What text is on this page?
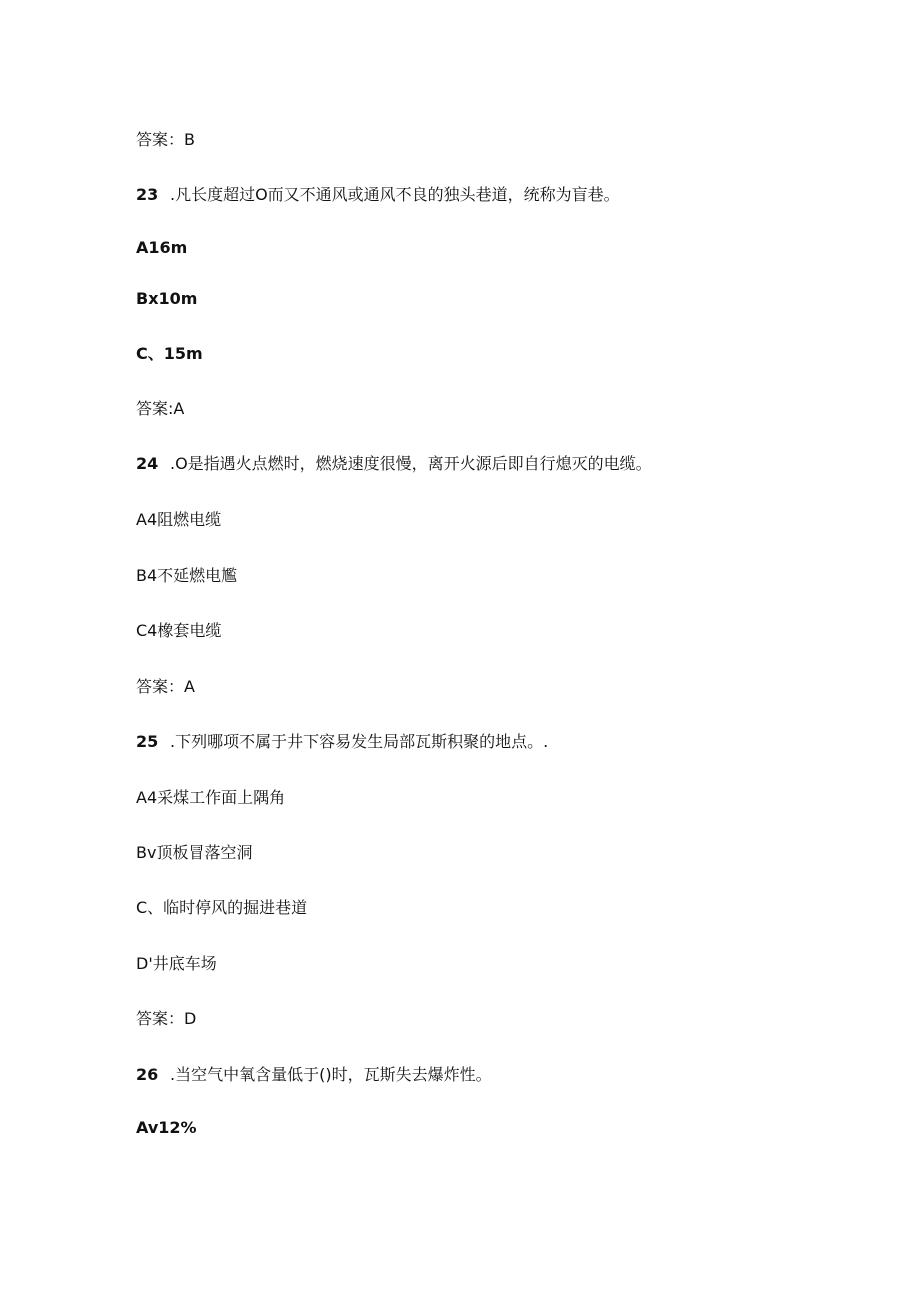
答案：B
23 .凡长度超过O而又不通风或通风不良的独头巷道，统称为盲巷。
A16m
Bx10m
C、15m
答案:A
24 .O是指遇火点燃时，燃烧速度很慢，离开火源后即自行熄灭的电缆。
A4阻燃电缆
B4不延燃电尷
C4橡套电缆
答案：A
25 .下列哪项不属于井下容易发生局部瓦斯积聚的地点。.
A4采煤工作面上隅角
Bv顶板冒落空洞
C、临时停风的掘进巷道
D'井底车场
答案：D
26 .当空气中氧含量低于()时，瓦斯失去爆炸性。
Av12%
